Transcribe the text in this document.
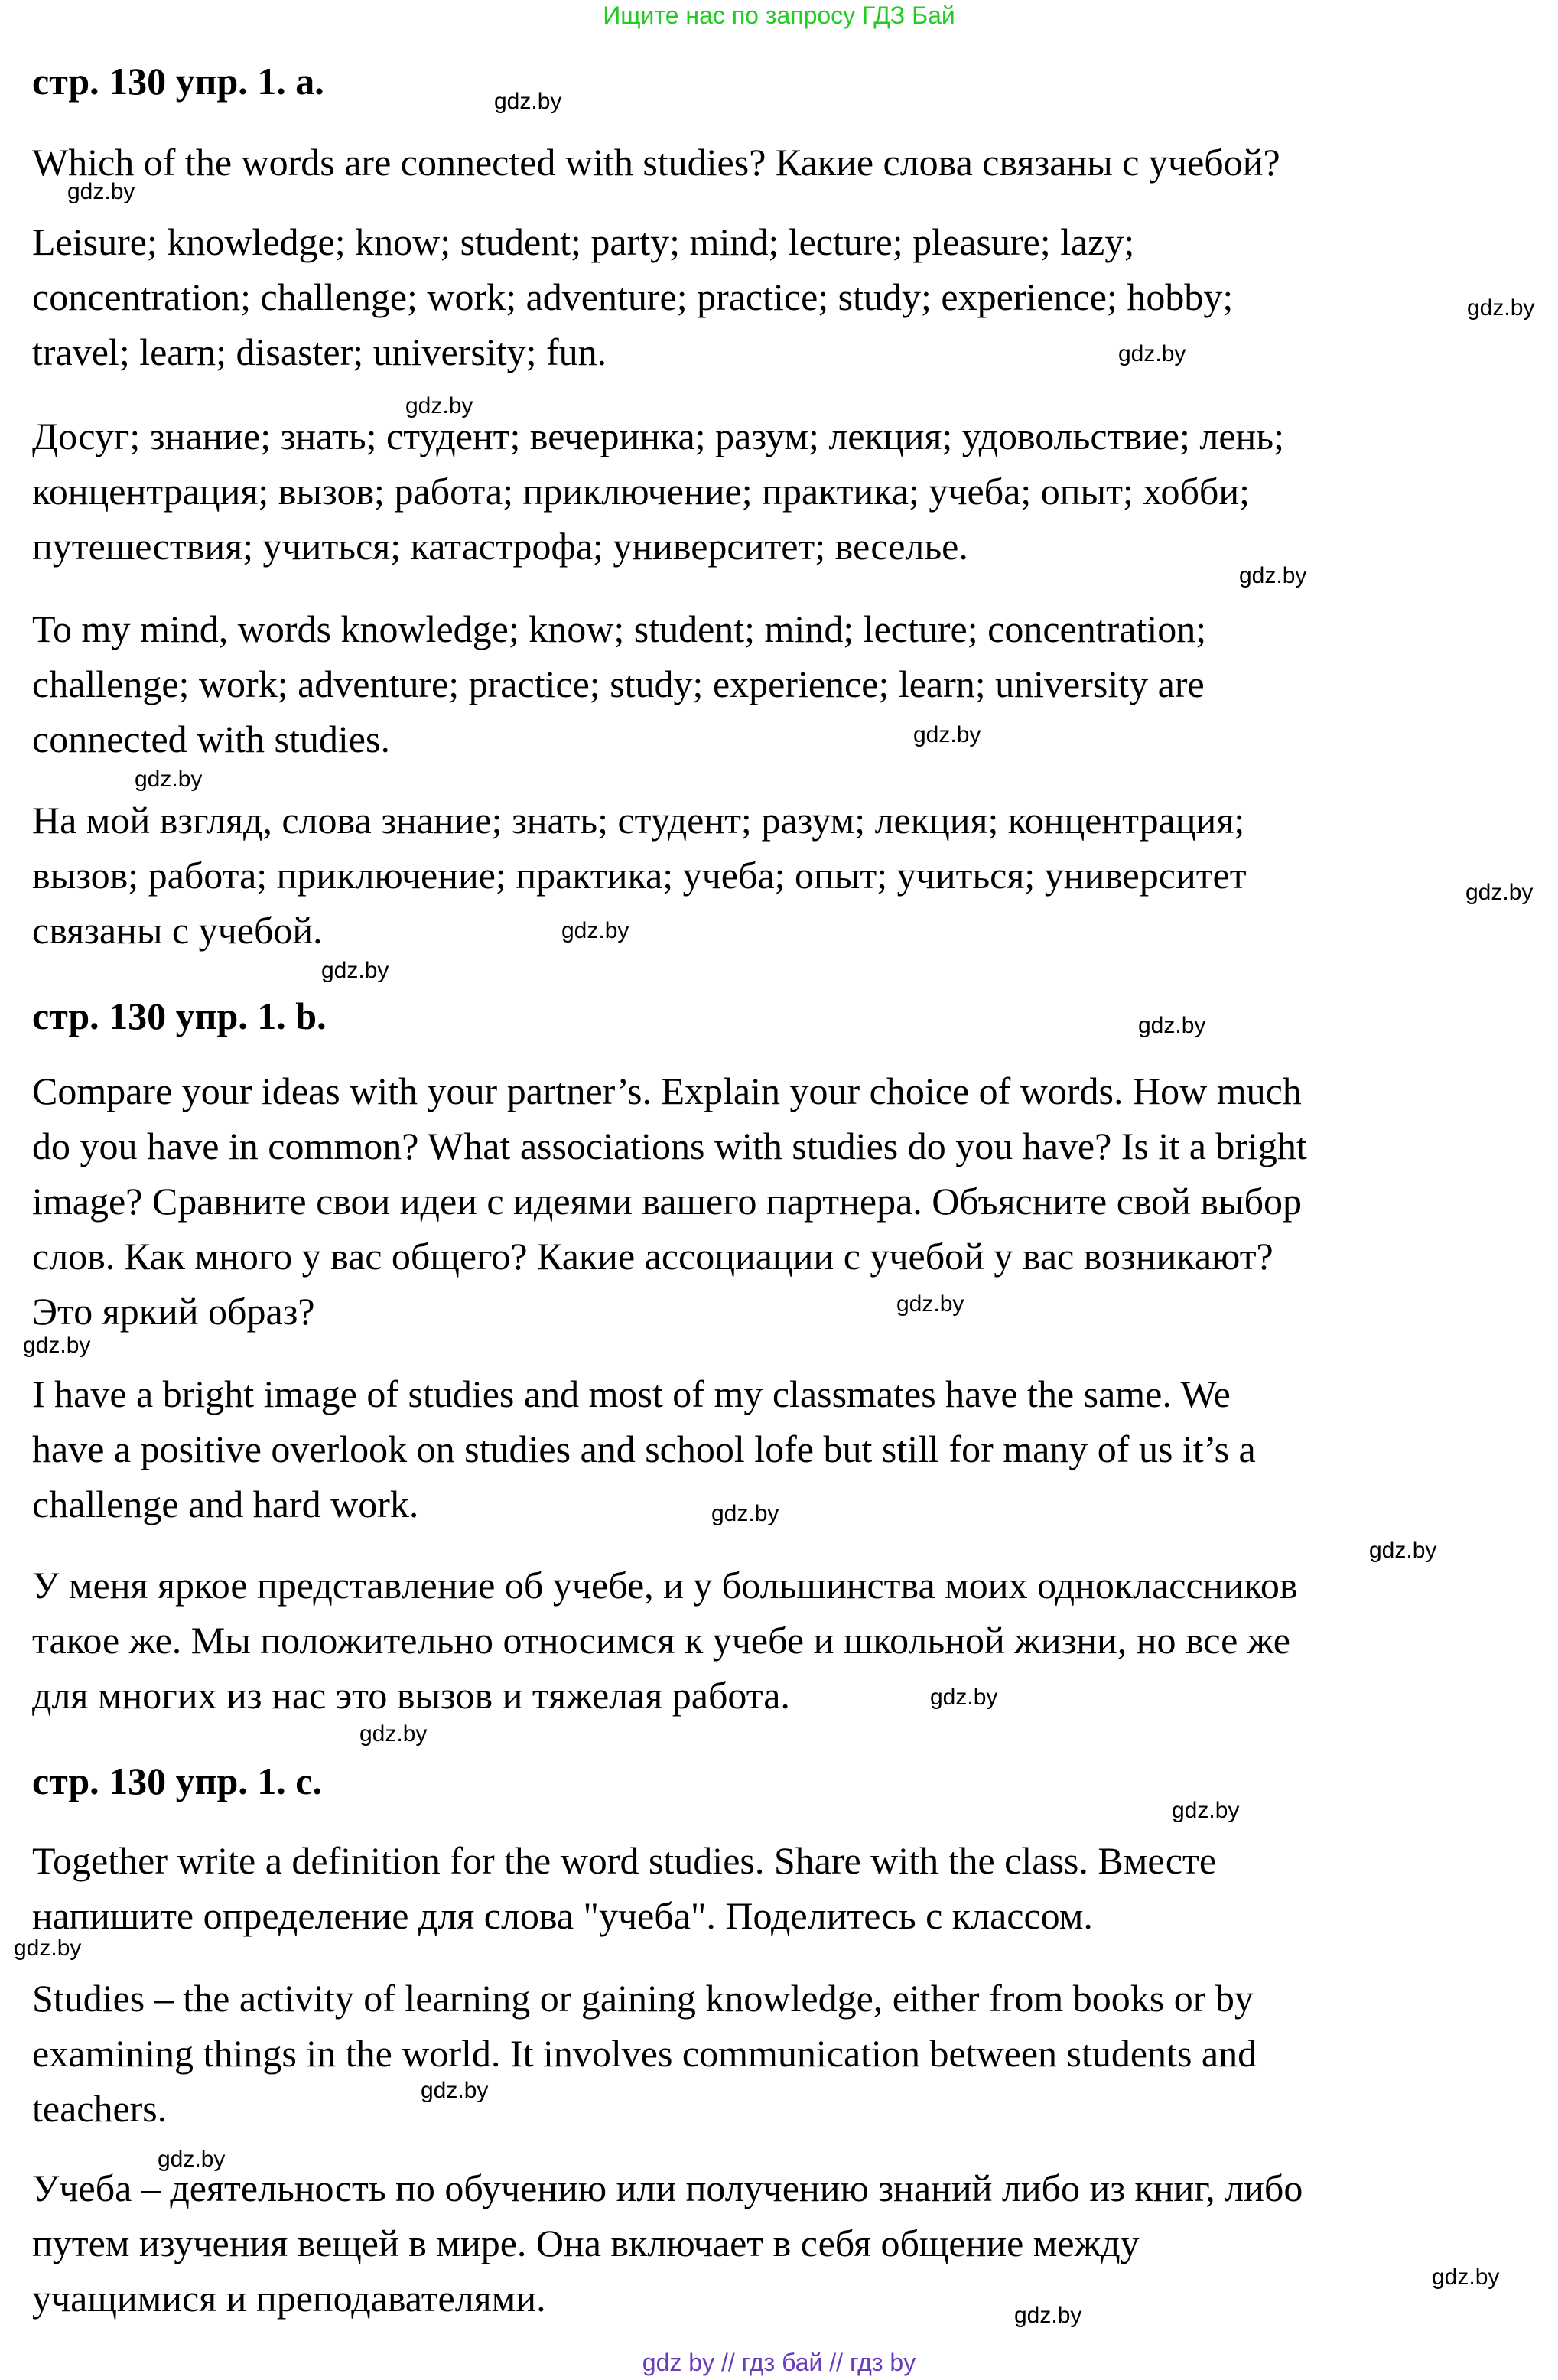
Ищите нас по запросу ГДЗ Бай
стр. 130 упр. 1. a.
Which of the words are connected with studies? Какие слова связаны с учебой?
Leisure; knowledge; know; student; party; mind; lecture; pleasure; lazy;
concentration; challenge; work; adventure; practice; study; experience; hobby;
travel; learn; disaster; university; fun.
Досуг; знание; знать; студент; вечеринка; разум; лекция; удовольствие; лень;
концентрация; вызов; работа; приключение; практика; учеба; опыт; хобби;
путешествия; учиться; катастрофа; университет; веселье.
To my mind, words knowledge; know; student; mind; lecture; concentration;
challenge; work; adventure; practice; study; experience; learn; university are
connected with studies.
На мой взгляд, слова знание; знать; студент; разум; лекция; концентрация;
вызов; работа; приключение; практика; учеба; опыт; учиться; университет
связаны с учебой.
стр. 130 упр. 1. b.
Compare your ideas with your partner’s. Explain your choice of words. How much
do you have in common? What associations with studies do you have? Is it a bright
image? Сравните свои идеи с идеями вашего партнера. Объясните свой выбор
слов. Как много у вас общего? Какие ассоциации с учебой у вас возникают?
Это яркий образ?
I have a bright image of studies and most of my classmates have the same. We
have a positive overlook on studies and school lofe but still for many of us it’s a
challenge and hard work.
У меня яркое представление об учебе, и у большинства моих одноклассников
такое же. Мы положительно относимся к учебе и школьной жизни, но все же
для многих из нас это вызов и тяжелая работа.
стр. 130 упр. 1. c.
Together write a definition for the word studies. Share with the class. Вместе
напишите определение для слова "учеба". Поделитесь с классом.
Studies – the activity of learning or gaining knowledge, either from books or by
examining things in the world. It involves communication between students and
teachers.
Учеба – деятельность по обучению или получению знаний либо из книг, либо
путем изучения вещей в мире. Она включает в себя общение между
учащимися и преподавателями.
gdz.by
gdz.by
gdz.by
gdz.by
gdz.by
gdz.by
gdz.by
gdz.by
gdz.by
gdz.by
gdz.by
gdz.by
gdz.by
gdz.by
gdz.by
gdz.by
gdz.by
gdz.by
gdz.by
gdz.by
gdz.by
gdz.by
gdz.by
gdz.by
gdz by // гдз бай // гдз by
